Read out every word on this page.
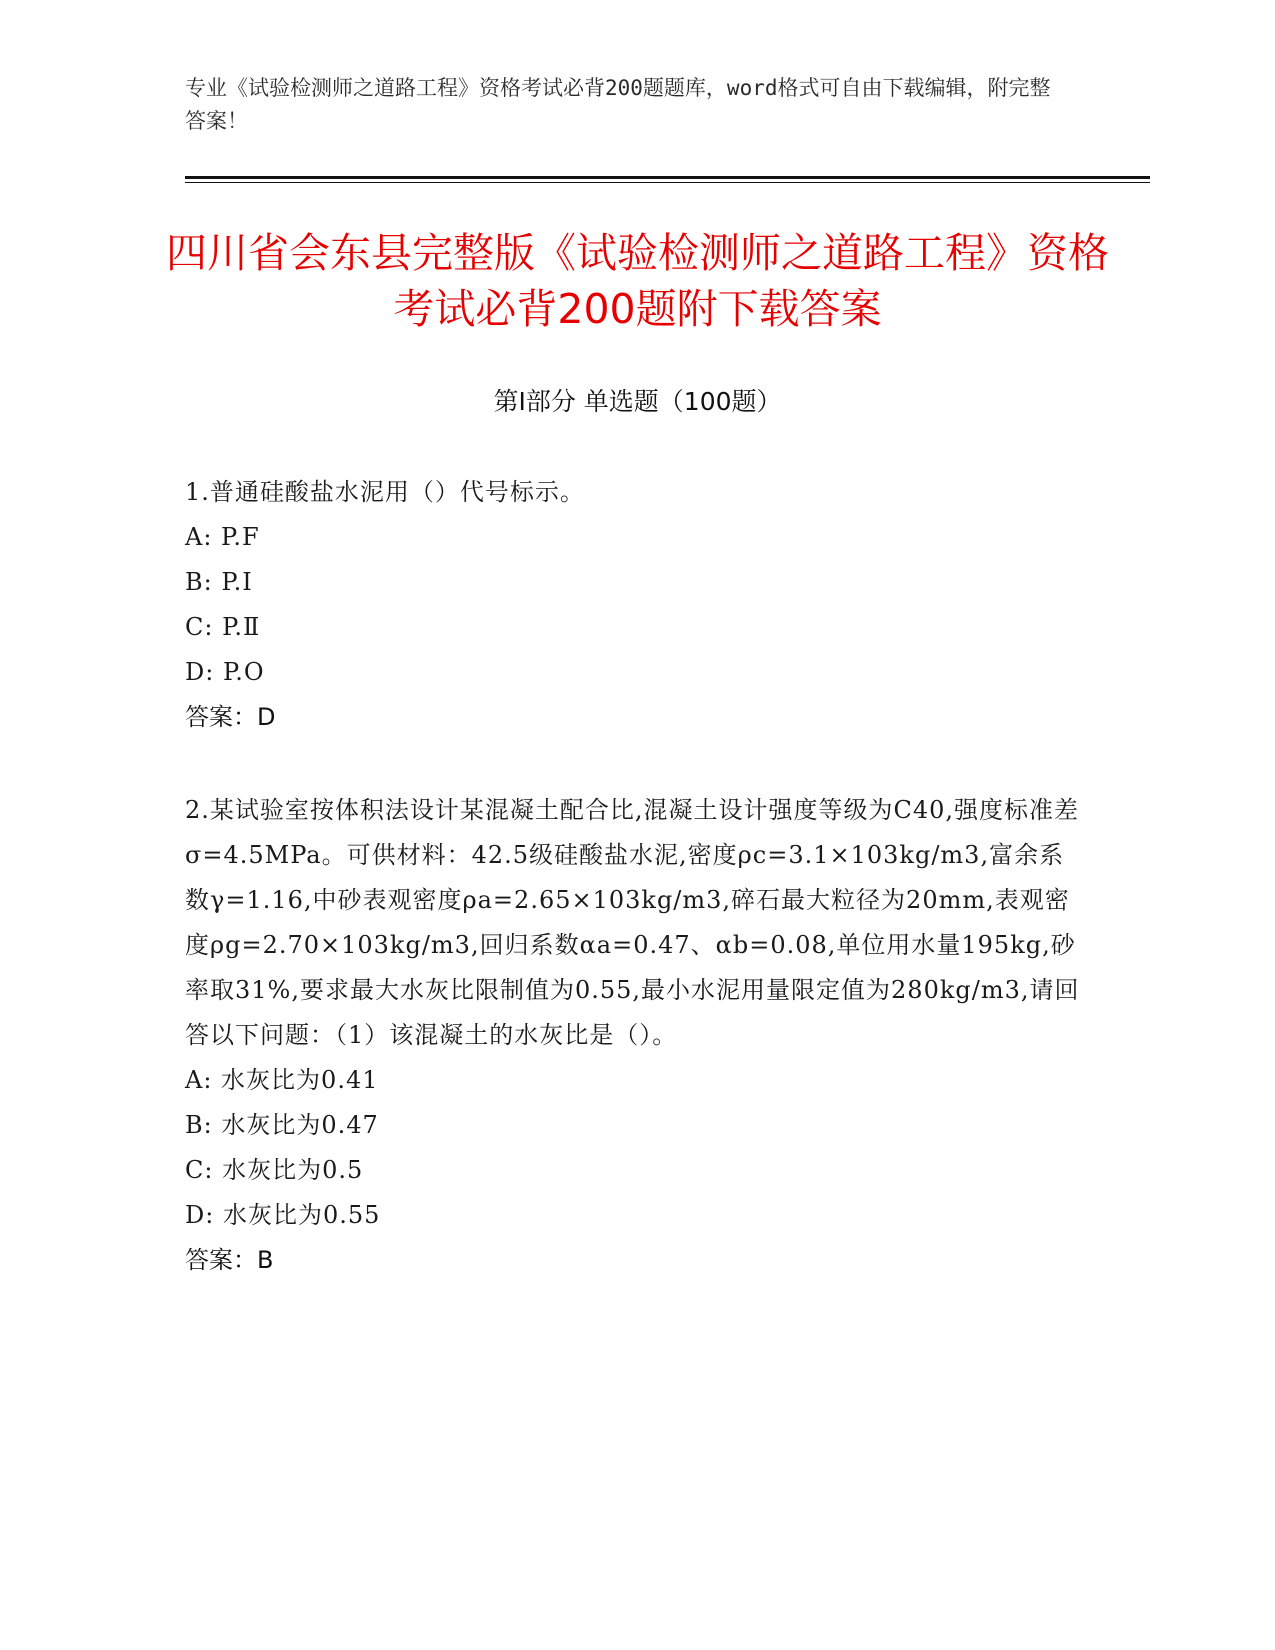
专业《试验检测师之道路工程》资格考试必背200题题库，word格式可自由下载编辑，附完整答案！
四川省会东县完整版《试验检测师之道路工程》资格考试必背200题附下载答案
第Ⅰ部分 单选题（100题）
1.普通硅酸盐水泥用（）代号标示。
A: P.F
B: P.I
C: P.Ⅱ
D: P.O
答案：D
2.某试验室按体积法设计某混凝土配合比,混凝土设计强度等级为C40,强度标准差σ=4.5MPa。可供材料：42.5级硅酸盐水泥,密度ρc=3.1×103kg/m3,富余系数γ=1.16,中砂表观密度ρa=2.65×103kg/m3,碎石最大粒径为20mm,表观密度ρg=2.70×103kg/m3,回归系数αa=0.47、αb=0.08,单位用水量195kg,砂率取31%,要求最大水灰比限制值为0.55,最小水泥用量限定值为280kg/m3,请回答以下问题：（1）该混凝土的水灰比是（）。
A: 水灰比为0.41
B: 水灰比为0.47
C: 水灰比为0.5
D: 水灰比为0.55
答案：B
